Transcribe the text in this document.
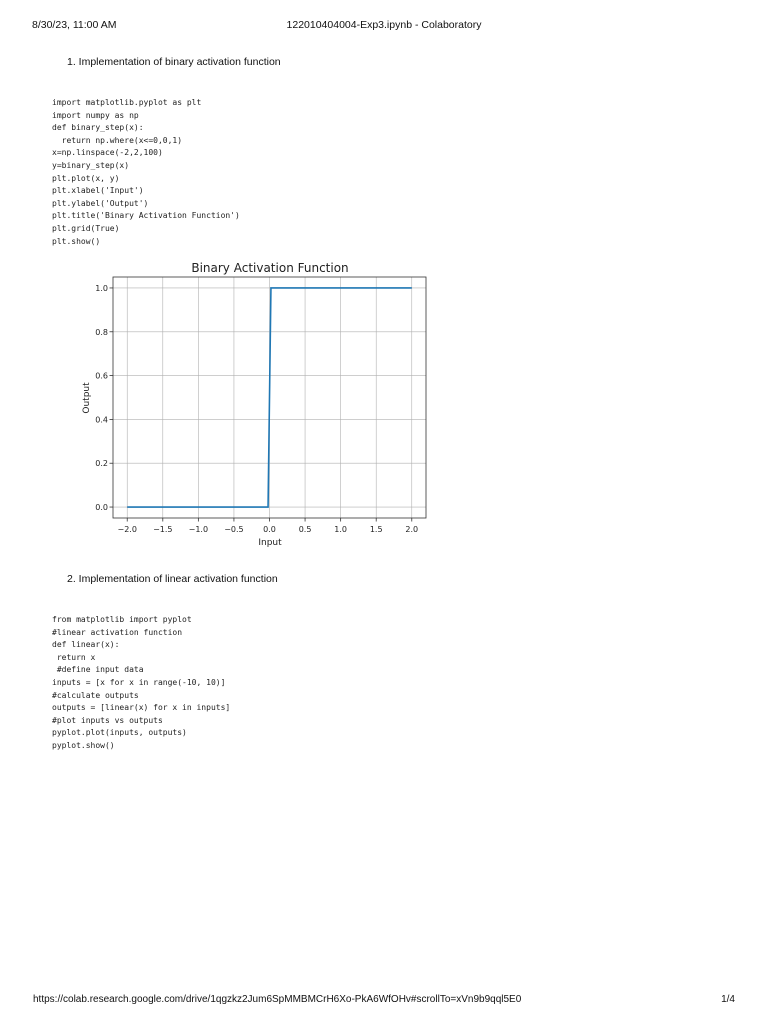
8/30/23, 11:00 AM	122010404004-Exp3.ipynb - Colaboratory
1. Implementation of binary activation function
import matplotlib.pyplot as plt
import numpy as np
def binary_step(x):
return np.where(x<=0,0,1)
x=np.linspace(-2,2,100)
y=binary_step(x)
plt.plot(x, y)
plt.xlabel('Input')
plt.ylabel('Output')
plt.title('Binary Activation Function')
plt.grid(True)
plt.show()
Binary Activation Function
−2.0 −1.5 −1.0 −0.5 0.0	0.5	1.0	1.5	2.0
0.0
0.2
0.4
0.6
0.8
1.0
Input
Output
2. Implementation of linear activation function
from matplotlib import pyplot
#linear activation function
def linear(x):
return x
#define input data
inputs = [x for x in range(-10, 10)]
#calculate outputs
outputs = [linear(x) for x in inputs]
#plot inputs vs outputs
pyplot.plot(inputs, outputs)
pyplot.show()
https://colab.research.google.com/drive/1qgzkz2Jum6SpMMBMCrH6Xo-PkA6WfOHv#scrollTo=xVn9b9qql5E0	1/4
